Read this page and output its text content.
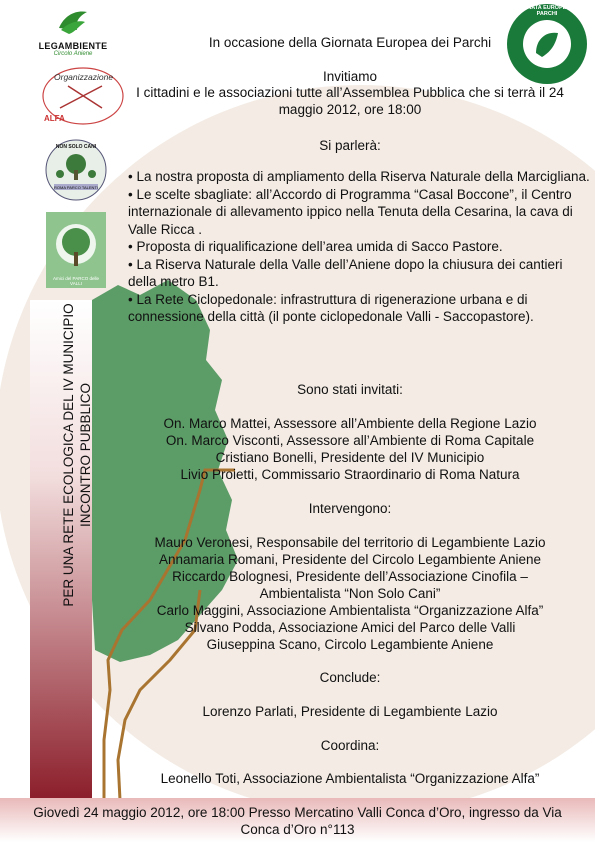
LEGAMBIENTE
Circolo Aniene
Organizzazione
ALFA
NON SOLO CANI
ROMA PARCO TALENTI
Amici del PARCO delle VALLI
GIORNATA EUROPEA DEI PARCHI
In occasione della Giornata Europea dei Parchi
Invitiamo
I cittadini e le associazioni tutte all’Assemblea Pubblica che si terrà il 24
maggio 2012, ore 18:00
Si parlerà:
• La nostra proposta di ampliamento della Riserva Naturale della Marcigliana.
• Le scelte sbagliate: all’Accordo di Programma “Casal Boccone”, il Centro internazionale di allevamento ippico nella Tenuta della Cesarina, la cava di Valle Ricca .
• Proposta di riqualificazione dell’area umida di Sacco Pastore.
• La Riserva Naturale della Valle dell’Aniene dopo la chiusura dei cantieri della metro B1.
• La Rete Ciclopedonale: infrastruttura di rigenerazione urbana e di connessione della città (il ponte ciclopedonale Valli - Saccopastore).
Sono stati invitati:
On. Marco Mattei, Assessore all’Ambiente della Regione Lazio
On. Marco Visconti, Assessore all’Ambiente di Roma Capitale
Cristiano Bonelli, Presidente del IV Municipio
Livio Proietti, Commissario Straordinario di Roma Natura
Intervengono:
Mauro Veronesi, Responsabile del territorio di Legambiente Lazio
Annamaria Romani, Presidente del Circolo Legambiente Aniene
Riccardo Bolognesi, Presidente dell’Associazione Cinofila –
Ambientalista “Non Solo Cani”
Carlo Maggini, Associazione Ambientalista “Organizzazione Alfa”
Silvano Podda, Associazione Amici del Parco delle Valli
Giuseppina Scano, Circolo Legambiente Aniene
Conclude:
Lorenzo Parlati, Presidente di Legambiente Lazio
Coordina:
Leonello Toti, Associazione Ambientalista “Organizzazione Alfa”
PER UNA RETE ECOLOGICA DEL IV MUNICIPIO INCONTRO PUBBLICO
Giovedì 24 maggio 2012, ore 18:00 Presso Mercatino Valli Conca d’Oro, ingresso da Via
Conca d’Oro n°113
